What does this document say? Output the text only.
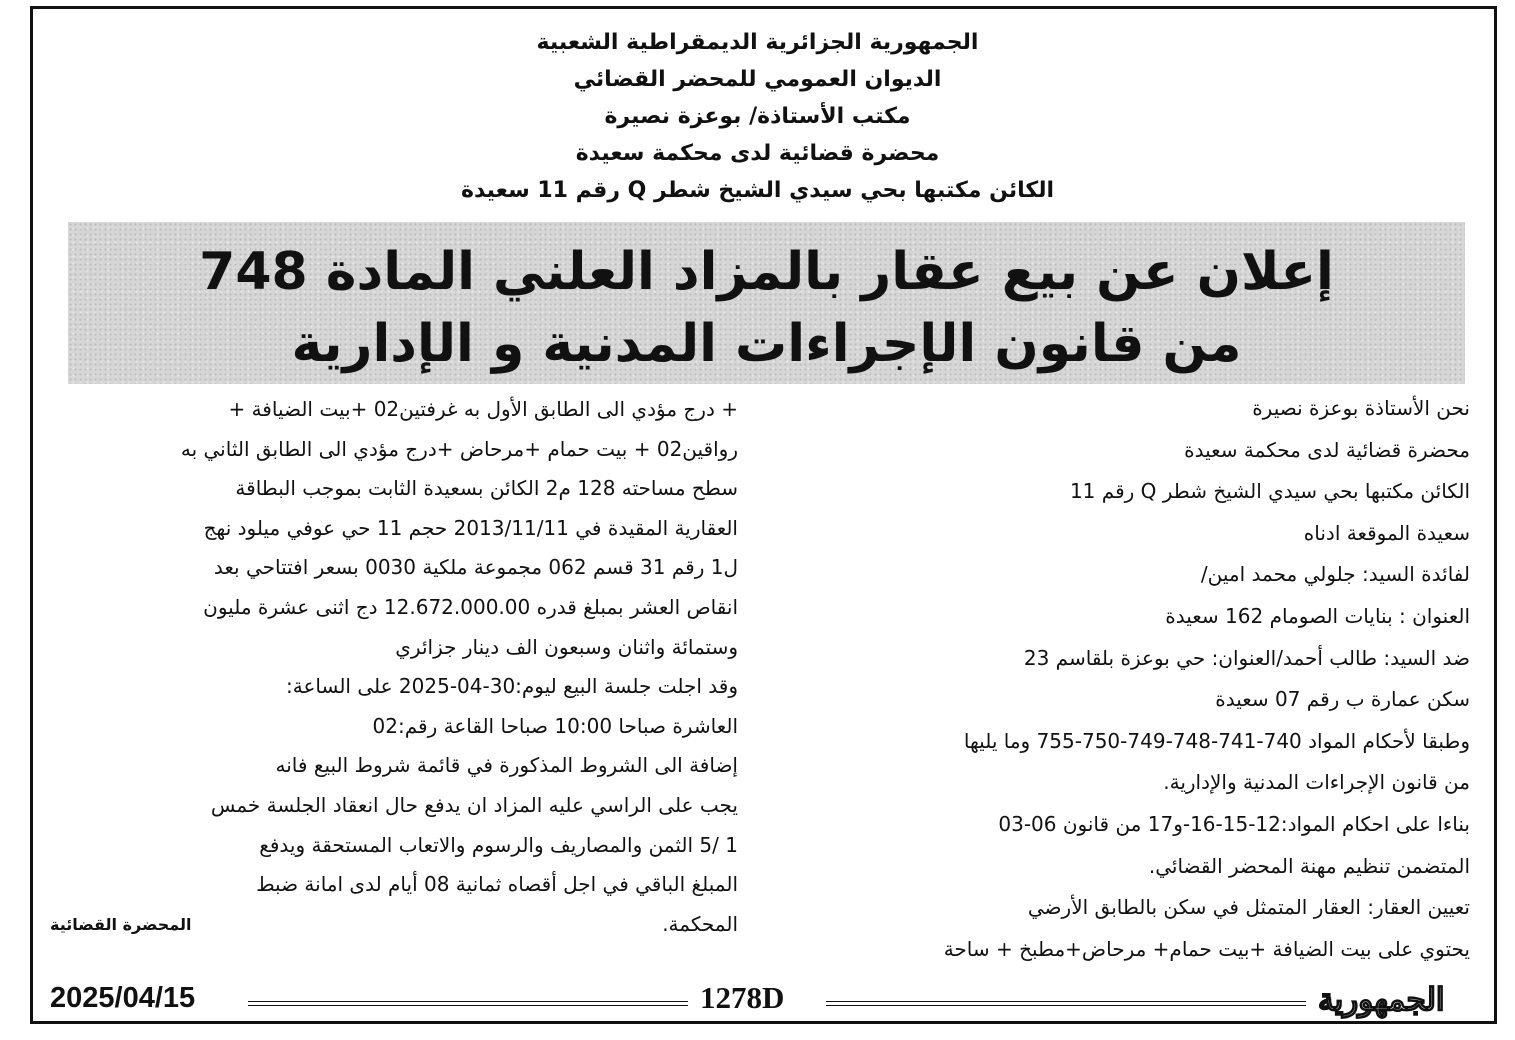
الجمهورية الجزائرية الديمقراطية الشعبية
الديوان العمومي للمحضر القضائي
مكتب الأستاذة/ بوعزة نصيرة
محضرة قضائية لدى محكمة سعيدة
الكائن مكتبها بحي سيدي الشيخ شطر Q رقم 11 سعيدة
إعلان عن بيع عقار بالمزاد العلني المادة 748
من قانون الإجراءات المدنية و الإدارية

نحن الأستاذة بوعزة نصيرة

محضرة قضائية لدى محكمة سعيدة

الكائن مكتبها بحي سيدي الشيخ شطر Q رقم 11

سعيدة الموقعة ادناه

لفائدة السيد: جلولي محمد امين/

العنوان : بنايات الصومام 162 سعيدة

ضد السيد: طالب أحمد/العنوان: حي بوعزة بلقاسم 23

سكن عمارة ب رقم 07 سعيدة

وطبقا لأحكام المواد 740-741-748-749-750-755 وما يليها

من قانون الإجراءات المدنية والإدارية.

بناءا على احكام المواد:12-15-16-و17 من قانون 06-03

المتضمن تنظيم مهنة المحضر القضائي.

تعيين العقار: العقار المتمثل في سكن بالطابق الأرضي

يحتوي على بيت الضيافة +بيت حمام+ مرحاض+مطبخ + ساحة

+ درج مؤدي الى الطابق الأول به غرفتين02 +بيت الضيافة +

رواقين02 + بيت حمام +مرحاض +درج مؤدي الى الطابق الثاني به

سطح مساحته 128 م2 الكائن بسعيدة الثابت بموجب البطاقة

العقارية المقيدة في 2013/11/11 حجم 11 حي عوفي ميلود نهج

ل1 رقم 31 قسم 062 مجموعة ملكية 0030 بسعر افتتاحي بعد

انقاص العشر بمبلغ قدره 12.672.000.00 دج اثنى عشرة مليون

وستمائة واثنان وسبعون الف دينار جزائري

وقد اجلت جلسة البيع ليوم:30-04-2025 على الساعة:

العاشرة صباحا 10:00 صباحا القاعة رقم:02

إضافة الى الشروط المذكورة في قائمة شروط البيع فانه

يجب على الراسي عليه المزاد ان يدفع حال انعقاد الجلسة خمس

1 /5 الثمن والمصاريف والرسوم والاتعاب المستحقة ويدفع

المبلغ الباقي في اجل أقصاه ثمانية 08 أيام لدى امانة ضبط

المحكمة.

المحضرة القضائية
2025/04/15	1278D	الجمهورية
